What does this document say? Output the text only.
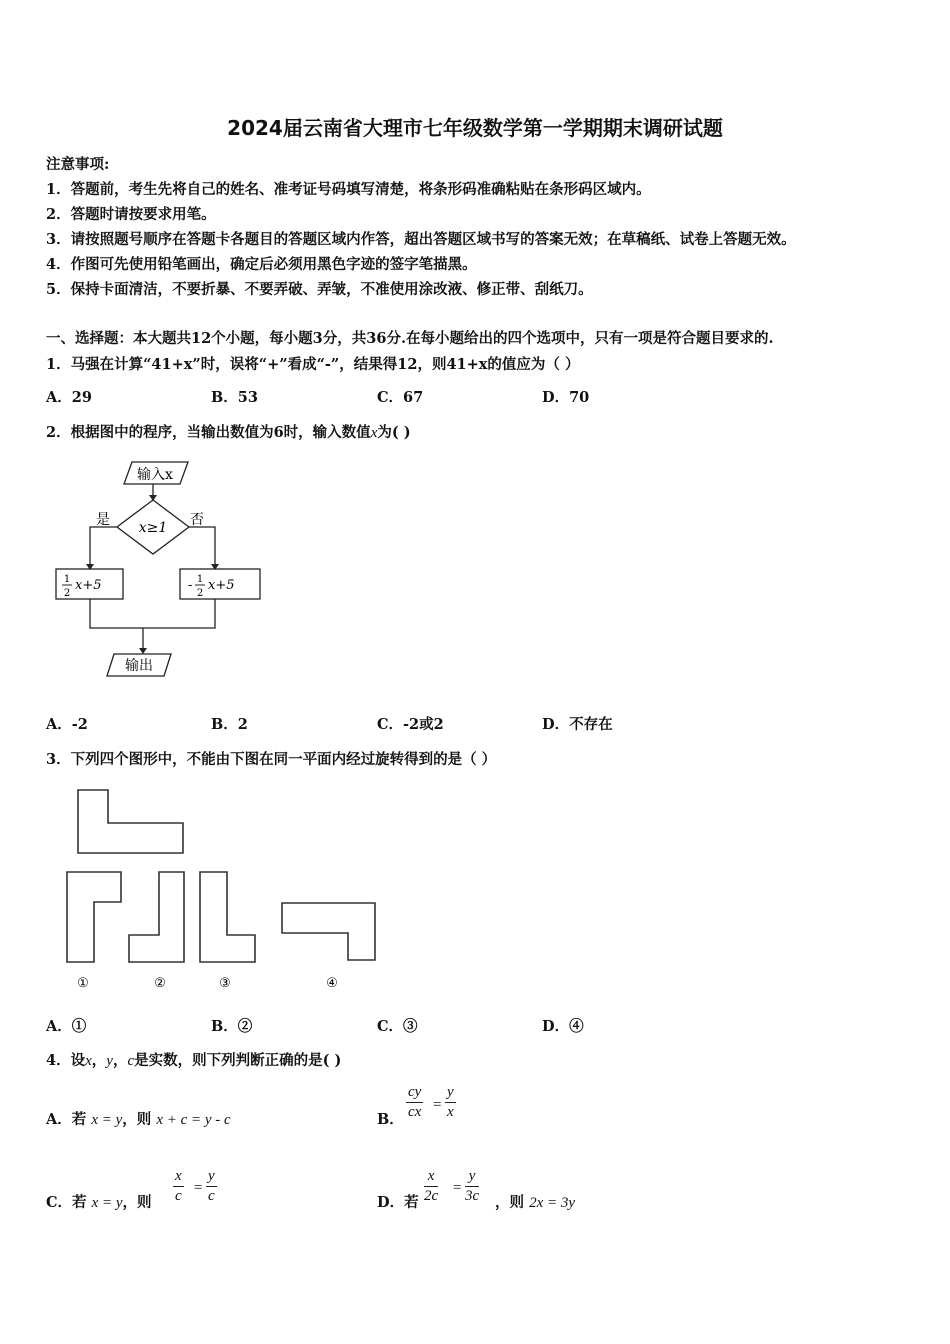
2024届云南省大理市七年级数学第一学期期末调研试题
注意事项:
1．答题前，考生先将自己的姓名、准考证号码填写清楚，将条形码准确粘贴在条形码区域内。
2．答题时请按要求用笔。
3．请按照题号顺序在答题卡各题目的答题区域内作答，超出答题区域书写的答案无效；在草稿纸、试卷上答题无效。
4．作图可先使用铅笔画出，确定后必须用黑色字迹的签字笔描黑。
5．保持卡面清洁，不要折暴、不要弄破、弄皱，不准使用涂改液、修正带、刮纸刀。
一、选择题：本大题共12个小题，每小题3分，共36分.在每小题给出的四个选项中，只有一项是符合题目要求的.
1．马强在计算“41+x”时，误将“+”看成“-”，结果得12，则41+x的值应为（ ）
A．29	B．53	C．67	D．70
2．根据图中的程序，当输出数值为6时，输入数值x为( )
输入x
x≥1
是	否
1
2
x+5	- 1
2
x+5
输出
A．-2	B．2	C．-2或2	D．不存在
3．下列四个图形中，不能由下图在同一平面内经过旋转得到的是（ ）
①	②	③	④
A．①	B．②	C．③	D．④
4．设x，y，c是实数，则下列判断正确的是( )
A．若 x = y，则 x + c = y - c	B． $\frac{cy}{cx} = \frac{y}{x}$
C．若 x = y，则 $\frac{x}{c} = \frac{y}{c}$	D．若 $\frac{x}{2c} = \frac{y}{3c}$ ，则 2x = 3y
